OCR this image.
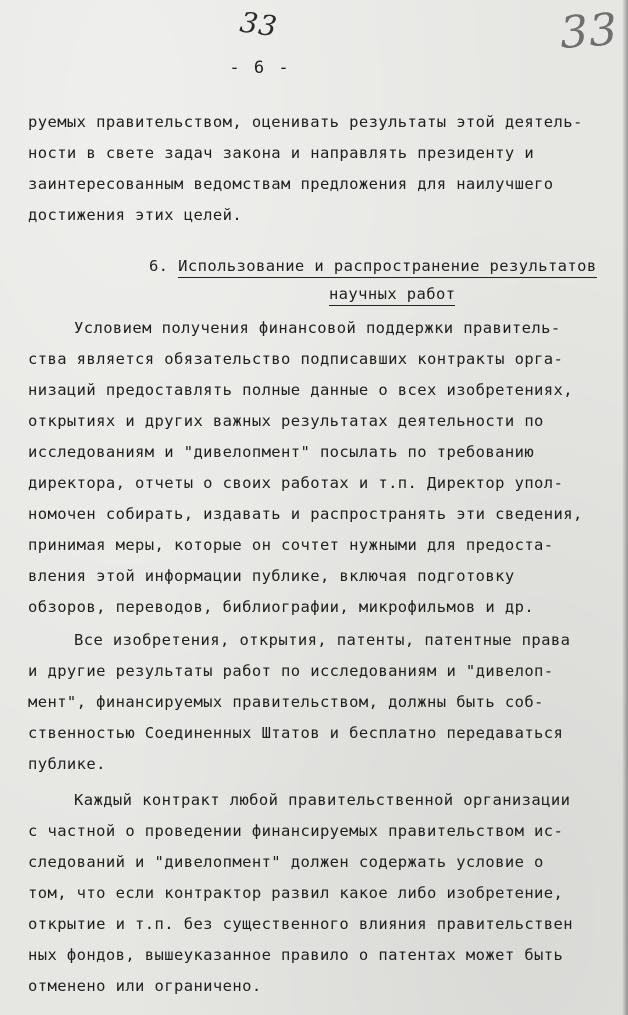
33	33
- 6 -
руемых правительством, оценивать результаты этой деятель-
ности в свете задач закона и направлять президенту и
заинтересованным ведомствам предложения для наилучшего
достижения этих целей.

6. Использование и распространение результатов

научных работ

Условием получения финансовой поддержки правитель-
ства является обязательство подписавших контракты орга-
низаций предоставлять полные данные о всех изобретениях,
открытиях и других важных результатах деятельности по
исследованиям и "дивелопмент" посылать по требованию
директора, отчеты о своих работах и т.п. Директор упол-
номочен собирать, издавать и распространять эти сведения,
принимая меры, которые он сочтет нужными для предоста-
вления этой информации публике, включая подготовку
обзоров, переводов, библиографии, микрофильмов и др.
Все изобретения, открытия, патенты, патентные права
и другие результаты работ по исследованиям и "дивелоп-
мент", финансируемых правительством, должны быть соб-
ственностью Соединенных Штатов и бесплатно передаваться
публике.
Каждый контракт любой правительственной организации
с частной о проведении финансируемых правительством ис-
следований и "дивелопмент" должен содержать условие о
том, что если контрактор развил какое либо изобретение,
открытие и т.п. без существенного влияния правительствен
ных фондов, вышеуказанное правило о патентах может быть
отменено или ограничено.
